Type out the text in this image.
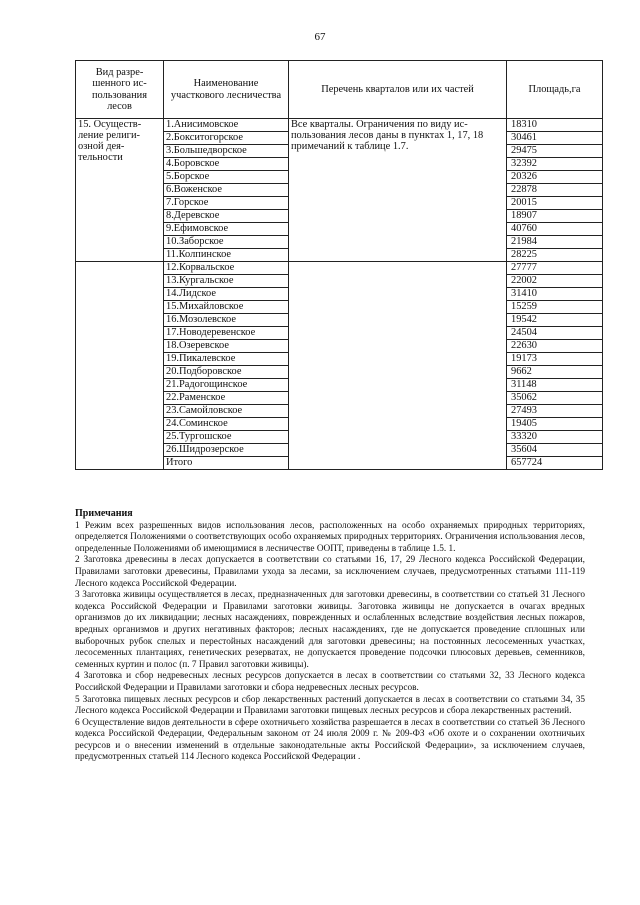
67
Вид разре-шенного ис-пользования лесов	Наименование участкового лесничества	Перечень кварталов или их частей	Площадь,га
15. Осуществ-ление религи-озной дея-тельности	1.Анисимовское	Все кварталы. Ограничения по виду ис-пользования лесов даны в пунктах 1, 17, 18 примечаний к таблице 1.7.	18310
	2.Бокситогорское		30461
	3.Большедворское		29475
	4.Боровское		32392
	5.Борское		20326
	6.Воженское		22878
	7.Горское		20015
	8.Деревское		18907
	9.Ефимовское		40760
	10.Заборское		21984
	11.Колпинское		28225
	12.Корвальское		27777
	13.Кургальское		22002
	14.Лидское		31410
	15.Михайловское		15259
	16.Мозолевское		19542
	17.Новодеревенское		24504
	18.Озеревское		22630
	19.Пикалевское		19173
	20.Подборовское		9662
	21.Радогощинское		31148
	22.Раменское		35062
	23.Самойловское		27493
	24.Соминское		19405
	25.Тургошское		33320
	26.Шидрозерское		35604
	Итого		657724
Примечания

1 Режим всех разрешенных видов использования лесов, расположенных на особо охраняемых природных территориях, определяется Положениями о соответствующих особо охраняемых природных территориях. Ограничения использования лесов, определенные Положениями об имеющимися в лесничестве ООПТ, приведены в таблице 1.5. 1.

2 Заготовка древесины в лесах допускается в соответствии со статьями 16, 17, 29 Лесного кодекса Российской Федерации, Правилами заготовки древесины, Правилами ухода за лесами, за исключением случаев, предусмотренных статьями 111-119 Лесного кодекса Российской Федерации.

3 Заготовка живицы осуществляется в лесах, предназначенных для заготовки древесины, в соответствии со статьей 31 Лесного кодекса Российской Федерации и Правилами заготовки живицы. Заготовка живицы не допускается в очагах вредных организмов до их ликвидации; лесных насаждениях, поврежденных и ослабленных вследствие воздействия лесных пожаров, вредных организмов и других негативных факторов; лесных насаждениях, где не допускается проведение сплошных или выборочных рубок спелых и перестойных насаждений для заготовки древесины; на постоянных лесосеменных участках, лесосеменных плантациях, генетических резерватах, не допускается проведение подсочки плюсовых деревьев, семенников, семенных куртин и полос (п. 7 Правил заготовки живицы).

4 Заготовка и сбор недревесных лесных ресурсов допускается в лесах в соответствии со статьями 32, 33 Лесного кодекса Российской Федерации и Правилами заготовки и сбора недревесных лесных ресурсов.

5 Заготовка пищевых лесных ресурсов и сбор лекарственных растений допускается в лесах в соответствии со статьями 34, 35 Лесного кодекса Российской Федерации и Правилами заготовки пищевых лесных ресурсов и сбора лекарственных растений.

6 Осуществление видов деятельности в сфере охотничьего хозяйства разрешается в лесах в соответствии со статьей 36 Лесного кодекса Российской Федерации, Федеральным законом от 24 июля 2009 г. № 209-ФЗ «Об охоте и о сохранении охотничьих ресурсов и о внесении изменений в отдельные законодательные акты Российской Федерации», за исключением случаев, предусмотренных статьей 114 Лесного кодекса Российской Федерации .
